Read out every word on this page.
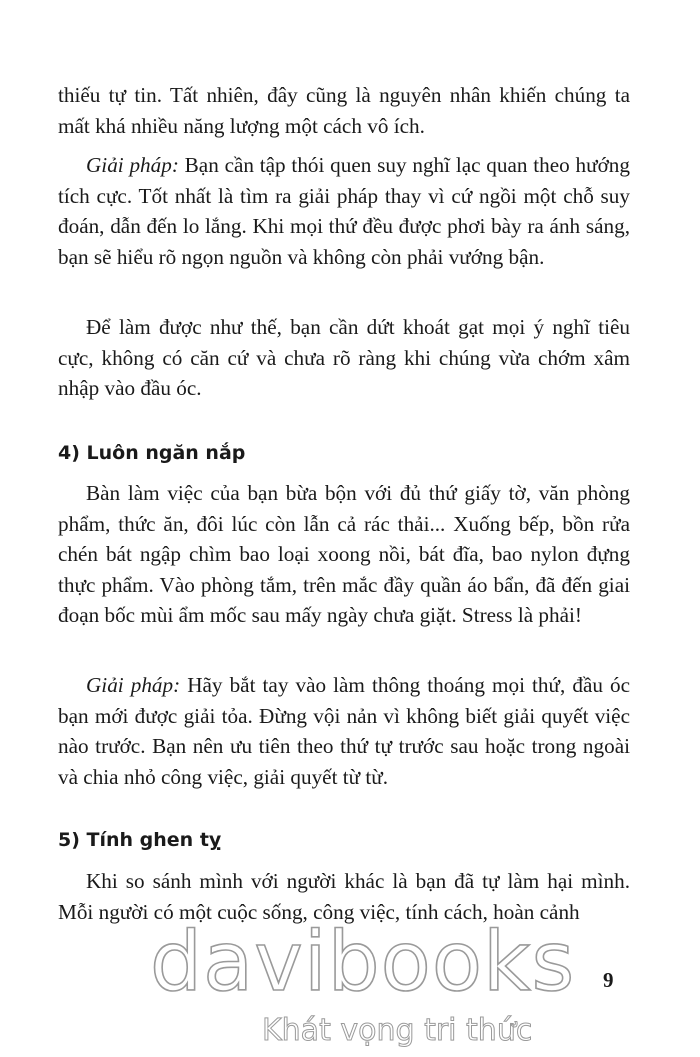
thiếu tự tin. Tất nhiên, đây cũng là nguyên nhân khiến chúng ta mất khá nhiều năng lượng một cách vô ích.

Giải pháp: Bạn cần tập thói quen suy nghĩ lạc quan theo hướng tích cực. Tốt nhất là tìm ra giải pháp thay vì cứ ngồi một chỗ suy đoán, dẫn đến lo lắng. Khi mọi thứ đều được phơi bày ra ánh sáng, bạn sẽ hiểu rõ ngọn nguồn và không còn phải vướng bận.

Để làm được như thế, bạn cần dứt khoát gạt mọi ý nghĩ tiêu cực, không có căn cứ và chưa rõ ràng khi chúng vừa chớm xâm nhập vào đầu óc.

4) Luôn ngăn nắp

Bàn làm việc của bạn bừa bộn với đủ thứ giấy tờ, văn phòng phẩm, thức ăn, đôi lúc còn lẫn cả rác thải... Xuống bếp, bồn rửa chén bát ngập chìm bao loại xoong nồi, bát đĩa, bao nylon đựng thực phẩm. Vào phòng tắm, trên mắc đầy quần áo bẩn, đã đến giai đoạn bốc mùi ẩm mốc sau mấy ngày chưa giặt. Stress là phải!

Giải pháp: Hãy bắt tay vào làm thông thoáng mọi thứ, đầu óc bạn mới được giải tỏa. Đừng vội nản vì không biết giải quyết việc nào trước. Bạn nên ưu tiên theo thứ tự trước sau hoặc trong ngoài và chia nhỏ công việc, giải quyết từ từ.

5) Tính ghen tỵ

Khi so sánh mình với người khác là bạn đã tự làm hại mình. Mỗi người có một cuộc sống, công việc, tính cách, hoàn cảnh

davibooks
Khát vọng tri thức
9
